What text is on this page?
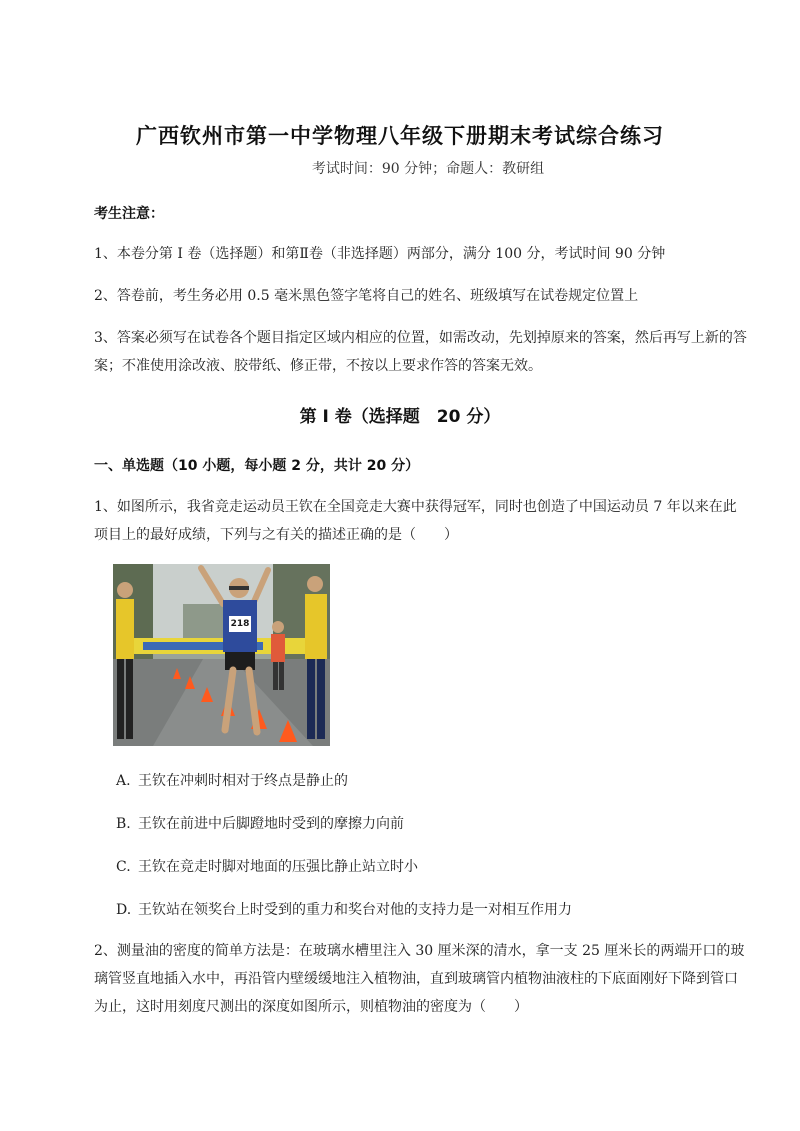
广西钦州市第一中学物理八年级下册期末考试综合练习
考试时间：90 分钟；命题人：教研组
考生注意：
1、本卷分第 I 卷（选择题）和第Ⅱ卷（非选择题）两部分，满分 100 分，考试时间 90 分钟
2、答卷前，考生务必用 0.5 毫米黑色签字笔将自己的姓名、班级填写在试卷规定位置上
3、答案必须写在试卷各个题目指定区域内相应的位置，如需改动，先划掉原来的答案，然后再写上新的答案；不准使用涂改液、胶带纸、修正带，不按以上要求作答的答案无效。
第 I 卷（选择题　20 分）
一、单选题（10 小题，每小题 2 分，共计 20 分）
1、如图所示，我省竞走运动员王钦在全国竞走大赛中获得冠军，同时也创造了中国运动员 7 年以来在此项目上的最好成绩，下列与之有关的描述正确的是（　　）
218
A. 王钦在冲刺时相对于终点是静止的
B. 王钦在前进中后脚蹬地时受到的摩擦力向前
C. 王钦在竞走时脚对地面的压强比静止站立时小
D. 王钦站在领奖台上时受到的重力和奖台对他的支持力是一对相互作用力
2、测量油的密度的简单方法是：在玻璃水槽里注入 30 厘米深的清水，拿一支 25 厘米长的两端开口的玻璃管竖直地插入水中，再沿管内壁缓缓地注入植物油，直到玻璃管内植物油液柱的下底面刚好下降到管口为止，这时用刻度尺测出的深度如图所示，则植物油的密度为（　　）
